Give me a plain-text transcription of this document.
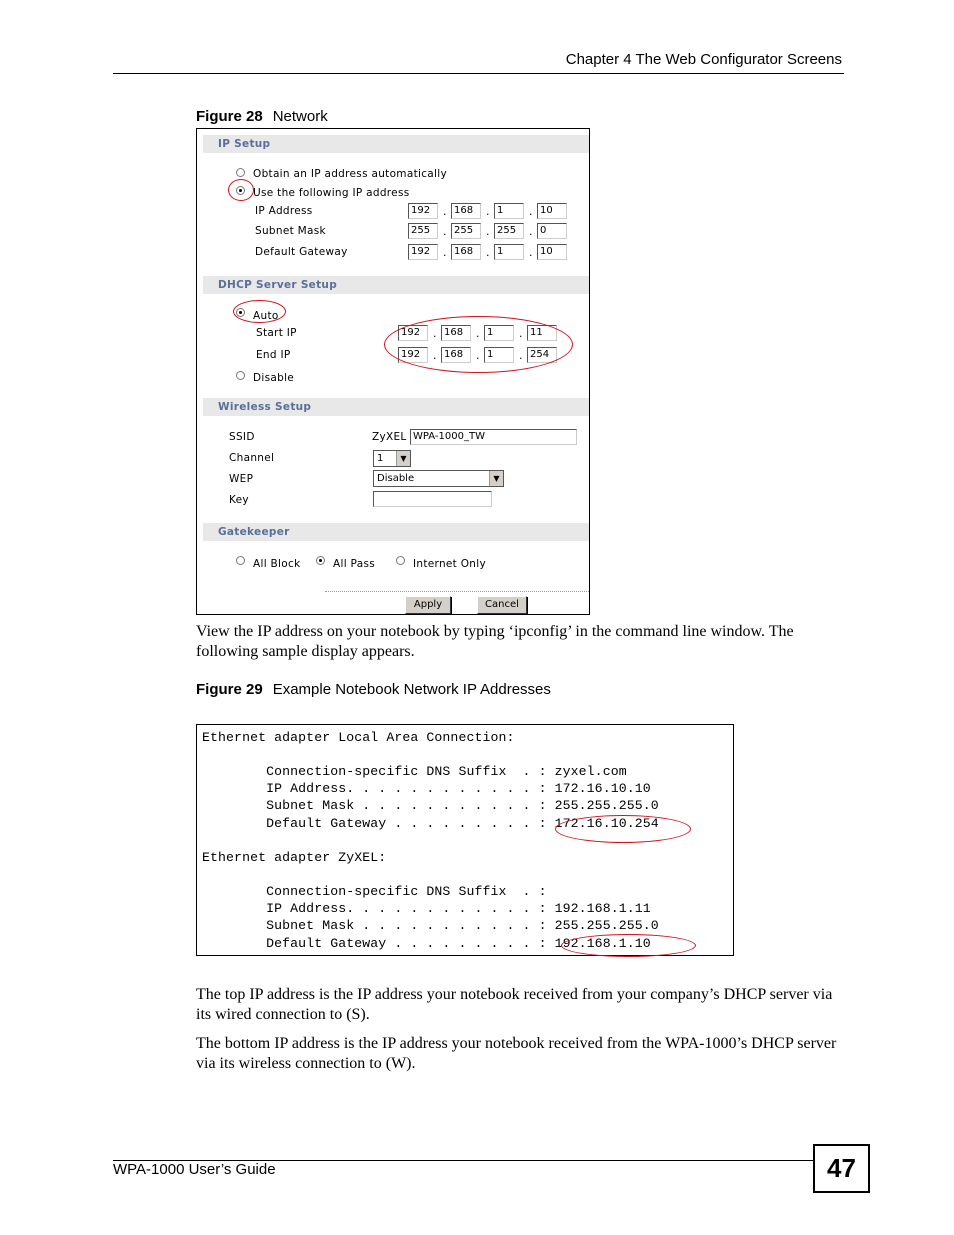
Chapter 4 The Web Configurator Screens
Figure 28 Network
IP Setup
Obtain an IP address automatically
Use the following IP address
IP Address	192	. 168	. 1	. 10
Subnet Mask	255	. 255	. 255	. 0
Default Gateway	192	. 168	. 1	. 10
DHCP Server Setup
Auto
Start IP	192	. 168	. 1	. 11
End IP	192	. 168	. 1	. 254
Disable
Wireless Setup
SSID	ZyXEL WPA-1000_TW
Channel	1	▼
WEP	Disable	▼
Key
Gatekeeper
All Block	All Pass	Internet Only
Apply	Cancel
View the IP address on your notebook by typing ‘ipconfig’ in the command line window. The following sample display appears.
Figure 29 Example Notebook Network IP Addresses
Ethernet adapter Local Area Connection:
Connection-specific DNS Suffix  . : zyxel.com
IP Address. . . . . . . . . . . . : 172.16.10.10
Subnet Mask . . . . . . . . . . . : 255.255.255.0
Default Gateway . . . . . . . . . : 172.16.10.254
Ethernet adapter ZyXEL:
Connection-specific DNS Suffix  . :
IP Address. . . . . . . . . . . . : 192.168.1.11
Subnet Mask . . . . . . . . . . . : 255.255.255.0
Default Gateway . . . . . . . . . : 192.168.1.10
The top IP address is the IP address your notebook received from your company’s DHCP server via its wired connection to (S).
The bottom IP address is the IP address your notebook received from the WPA-1000’s DHCP server via its wireless connection to (W).
WPA-1000 User’s Guide	47
